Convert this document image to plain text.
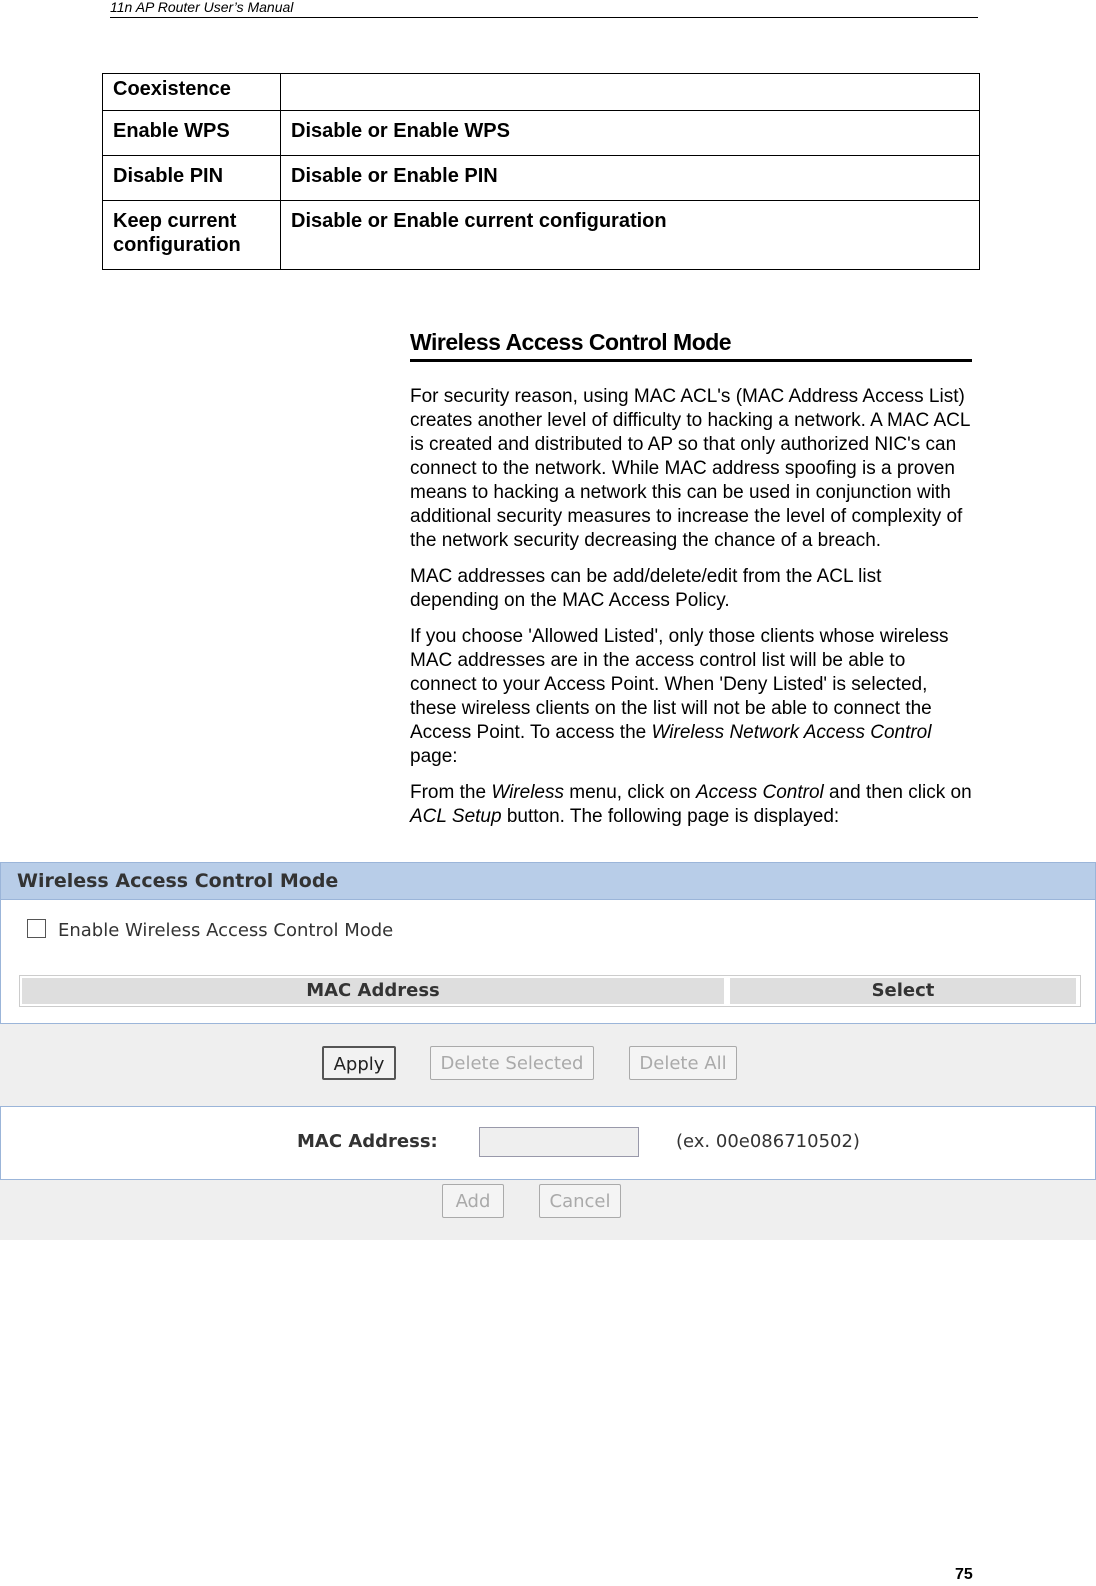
11n AP Router User’s Manual
Coexistence	
Enable WPS	Disable or Enable WPS
Disable PIN	Disable or Enable PIN
Keep current configuration	Disable or Enable current configuration
Wireless Access Control Mode

For security reason, using MAC ACL's (MAC Address Access List) creates another level of difficulty to hacking a network. A MAC ACL is created and distributed to AP so that only authorized NIC's can connect to the network. While MAC address spoofing is a proven means to hacking a network this can be used in conjunction with additional security measures to increase the level of complexity of the network security decreasing the chance of a breach.

MAC addresses can be add/delete/edit from the ACL list depending on the MAC Access Policy.

If you choose 'Allowed Listed', only those clients whose wireless MAC addresses are in the access control list will be able to connect to your Access Point. When 'Deny Listed' is selected, these wireless clients on the list will not be able to connect the Access Point. To access the Wireless Network Access Control page:

From the Wireless menu, click on Access Control and then click on ACL Setup button. The following page is displayed:

Wireless Access Control Mode
Enable Wireless Access Control Mode
MAC Address	Select
Apply	Delete Selected	Delete All
MAC Address:	(ex. 00e086710502)
Add	Cancel
75
